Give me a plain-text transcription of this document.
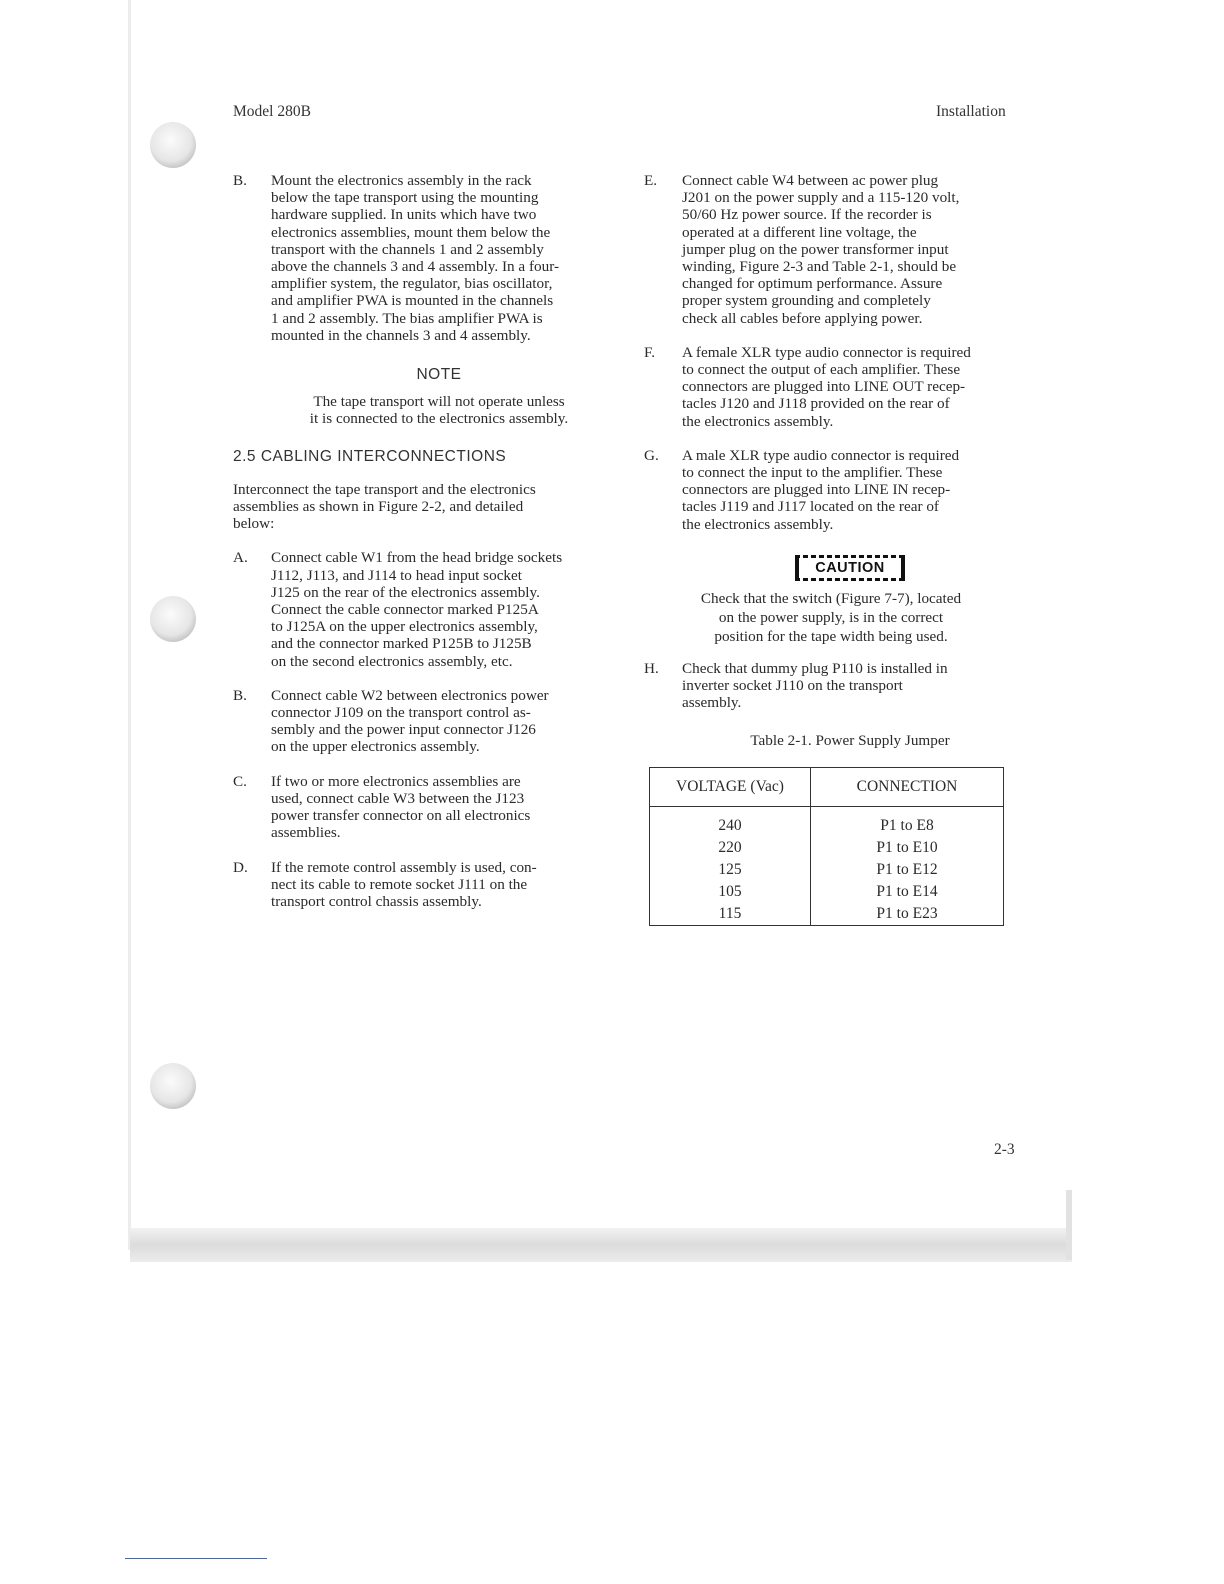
Model 280B	Installation
B. Mount the electronics assembly in the rack
below the tape transport using the mounting
hardware supplied. In units which have two
electronics assemblies, mount them below the
transport with the channels 1 and 2 assembly
above the channels 3 and 4 assembly. In a four-
amplifier system, the regulator, bias oscillator,
and amplifier PWA is mounted in the channels
1 and 2 assembly. The bias amplifier PWA is
mounted in the channels 3 and 4 assembly.
NOTE
The tape transport will not operate unless
it is connected to the electronics assembly.
2.5 CABLING INTERCONNECTIONS
Interconnect the tape transport and the electronics
assemblies as shown in Figure 2-2, and detailed
below:
A. Connect cable W1 from the head bridge sockets
J112, J113, and J114 to head input socket
J125 on the rear of the electronics assembly.
Connect the cable connector marked P125A
to J125A on the upper electronics assembly,
and the connector marked P125B to J125B
on the second electronics assembly, etc.
B. Connect cable W2 between electronics power
connector J109 on the transport control as-
sembly and the power input connector J126
on the upper electronics assembly.
C. If two or more electronics assemblies are
used, connect cable W3 between the J123
power transfer connector on all electronics
assemblies.
D. If the remote control assembly is used, con-
nect its cable to remote socket J111 on the
transport control chassis assembly.
E. Connect cable W4 between ac power plug
J201 on the power supply and a 115-120 volt,
50/60 Hz power source. If the recorder is
operated at a different line voltage, the
jumper plug on the power transformer input
winding, Figure 2-3 and Table 2-1, should be
changed for optimum performance. Assure
proper system grounding and completely
check all cables before applying power.
F. A female XLR type audio connector is required
to connect the output of each amplifier. These
connectors are plugged into LINE OUT recep-
tacles J120 and J118 provided on the rear of
the electronics assembly.
G. A male XLR type audio connector is required
to connect the input to the amplifier. These
connectors are plugged into LINE IN recep-
tacles J119 and J117 located on the rear of
the electronics assembly.
CAUTION
Check that the switch (Figure 7-7), located
on the power supply, is in the correct
position for the tape width being used.
H. Check that dummy plug P110 is installed in
inverter socket J110 on the transport
assembly.
Table 2-1. Power Supply Jumper
VOLTAGE (Vac)	CONNECTION
240	P1 to E8
220	P1 to E10
125	P1 to E12
105	P1 to E14
115	P1 to E23
2-3
